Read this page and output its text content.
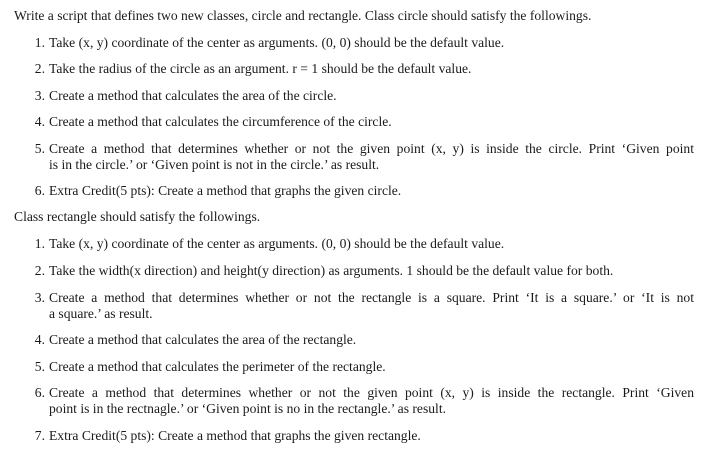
Write a script that defines two new classes, circle and rectangle. Class circle should satisfy the followings.
1. Take (x, y) coordinate of the center as arguments. (0, 0) should be the default value.
2. Take the radius of the circle as an argument. r = 1 should be the default value.
3. Create a method that calculates the area of the circle.
4. Create a method that calculates the circumference of the circle.
5. Create a method that determines whether or not the given point (x, y) is inside the circle. Print ‘Given point
is in the circle.’ or ‘Given point is not in the circle.’ as result.
6. Extra Credit(5 pts): Create a method that graphs the given circle.
Class rectangle should satisfy the followings.
1. Take (x, y) coordinate of the center as arguments. (0, 0) should be the default value.
2. Take the width(x direction) and height(y direction) as arguments. 1 should be the default value for both.
3. Create a method that determines whether or not the rectangle is a square. Print ‘It is a square.’ or ‘It is not
a square.’ as result.
4. Create a method that calculates the area of the rectangle.
5. Create a method that calculates the perimeter of the rectangle.
6. Create a method that determines whether or not the given point (x, y) is inside the rectangle. Print ‘Given
point is in the rectnagle.’ or ‘Given point is no in the rectangle.’ as result.
7. Extra Credit(5 pts): Create a method that graphs the given rectangle.
